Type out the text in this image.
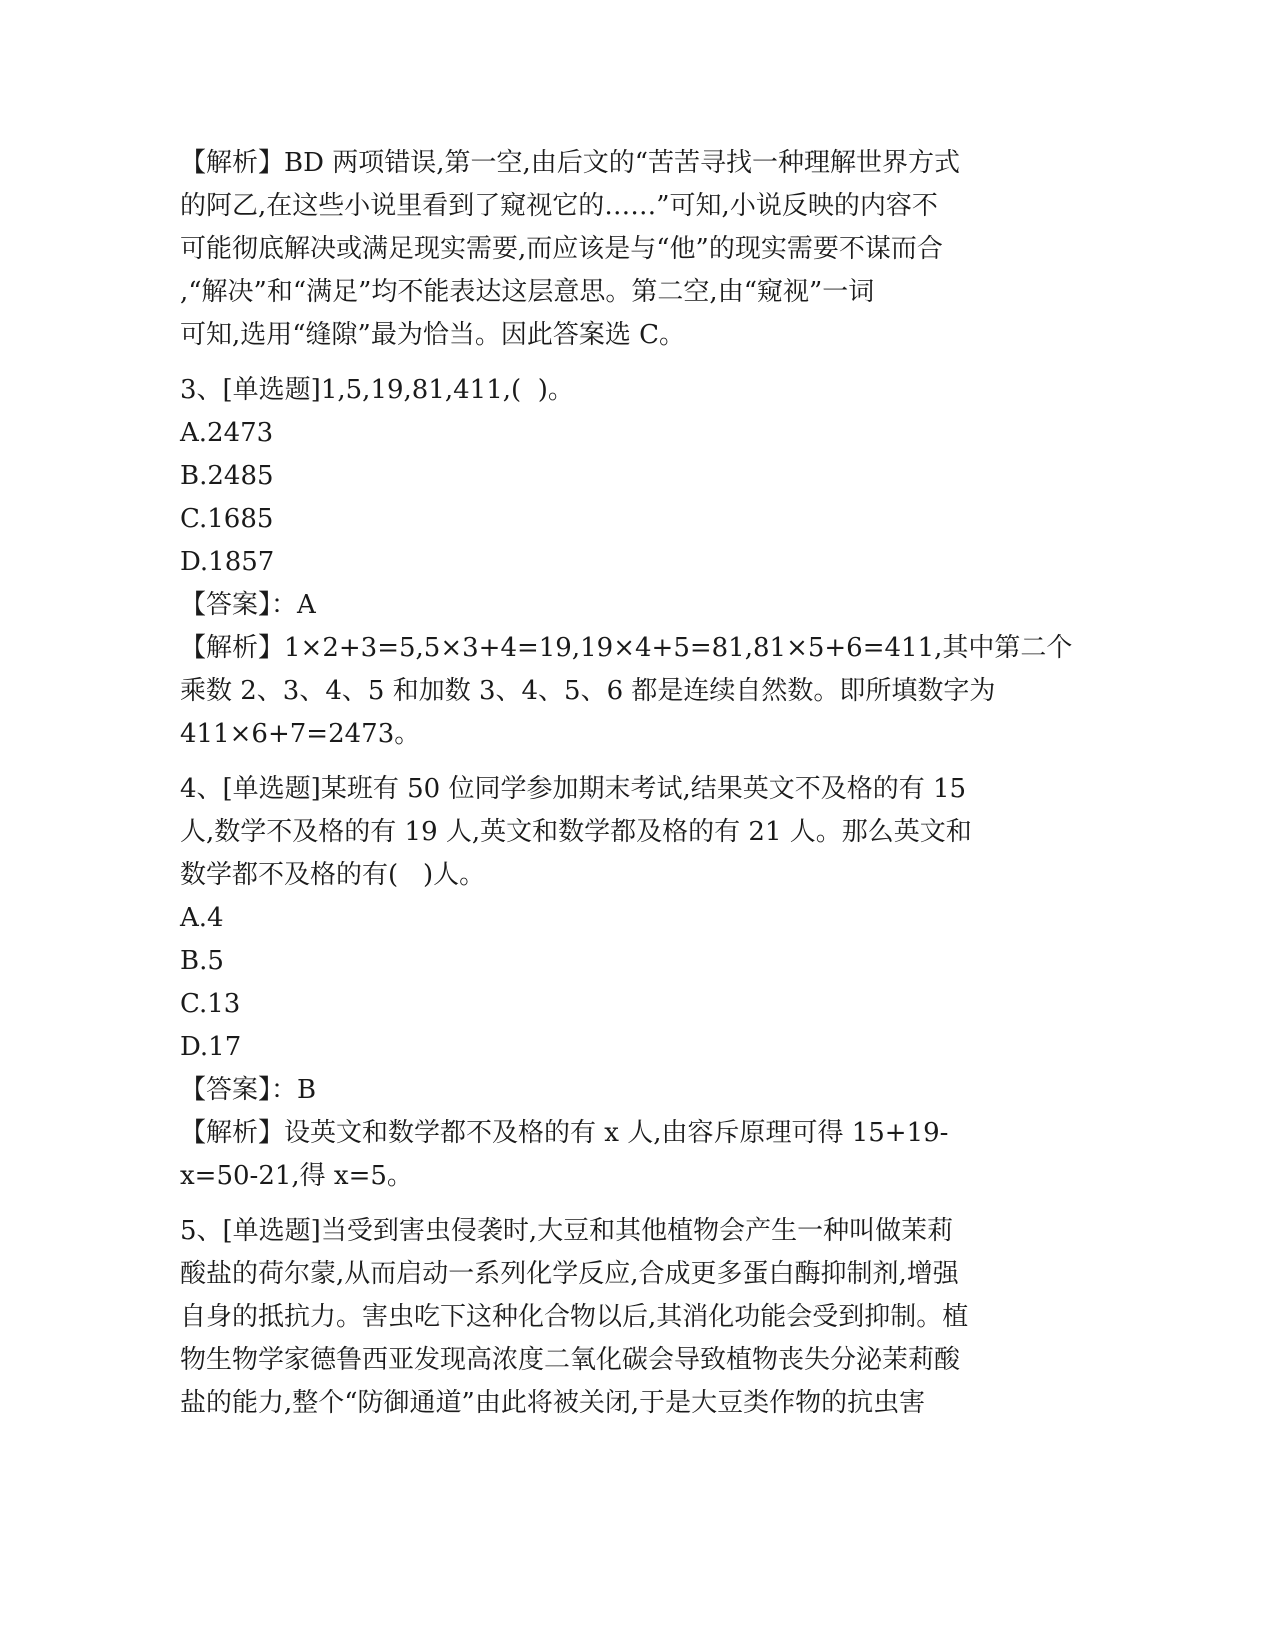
【解析】BD 两项错误,第一空,由后文的“苦苦寻找一种理解世界方式
的阿乙,在这些小说里看到了窥视它的……”可知,小说反映的内容不
可能彻底解决或满足现实需要,而应该是与“他”的现实需要不谋而合
,“解决”和“满足”均不能表达这层意思。第二空,由“窥视”一词
可知,选用“缝隙”最为恰当。因此答案选 C。
3、[单选题]1,5,19,81,411,(  )。
A.2473
B.2485
C.1685
D.1857
【答案】：A
【解析】1×2+3=5,5×3+4=19,19×4+5=81,81×5+6=411,其中第二个
乘数 2、3、4、5 和加数 3、4、5、6 都是连续自然数。即所填数字为
411×6+7=2473。
4、[单选题]某班有 50 位同学参加期末考试,结果英文不及格的有 15
人,数学不及格的有 19 人,英文和数学都及格的有 21 人。那么英文和
数学都不及格的有(   )人。
A.4
B.5
C.13
D.17
【答案】：B
【解析】设英文和数学都不及格的有 x 人,由容斥原理可得 15+19-
x=50-21,得 x=5。
5、[单选题]当受到害虫侵袭时,大豆和其他植物会产生一种叫做茉莉
酸盐的荷尔蒙,从而启动一系列化学反应,合成更多蛋白酶抑制剂,增强
自身的抵抗力。害虫吃下这种化合物以后,其消化功能会受到抑制。植
物生物学家德鲁西亚发现高浓度二氧化碳会导致植物丧失分泌茉莉酸
盐的能力,整个“防御通道”由此将被关闭,于是大豆类作物的抗虫害
